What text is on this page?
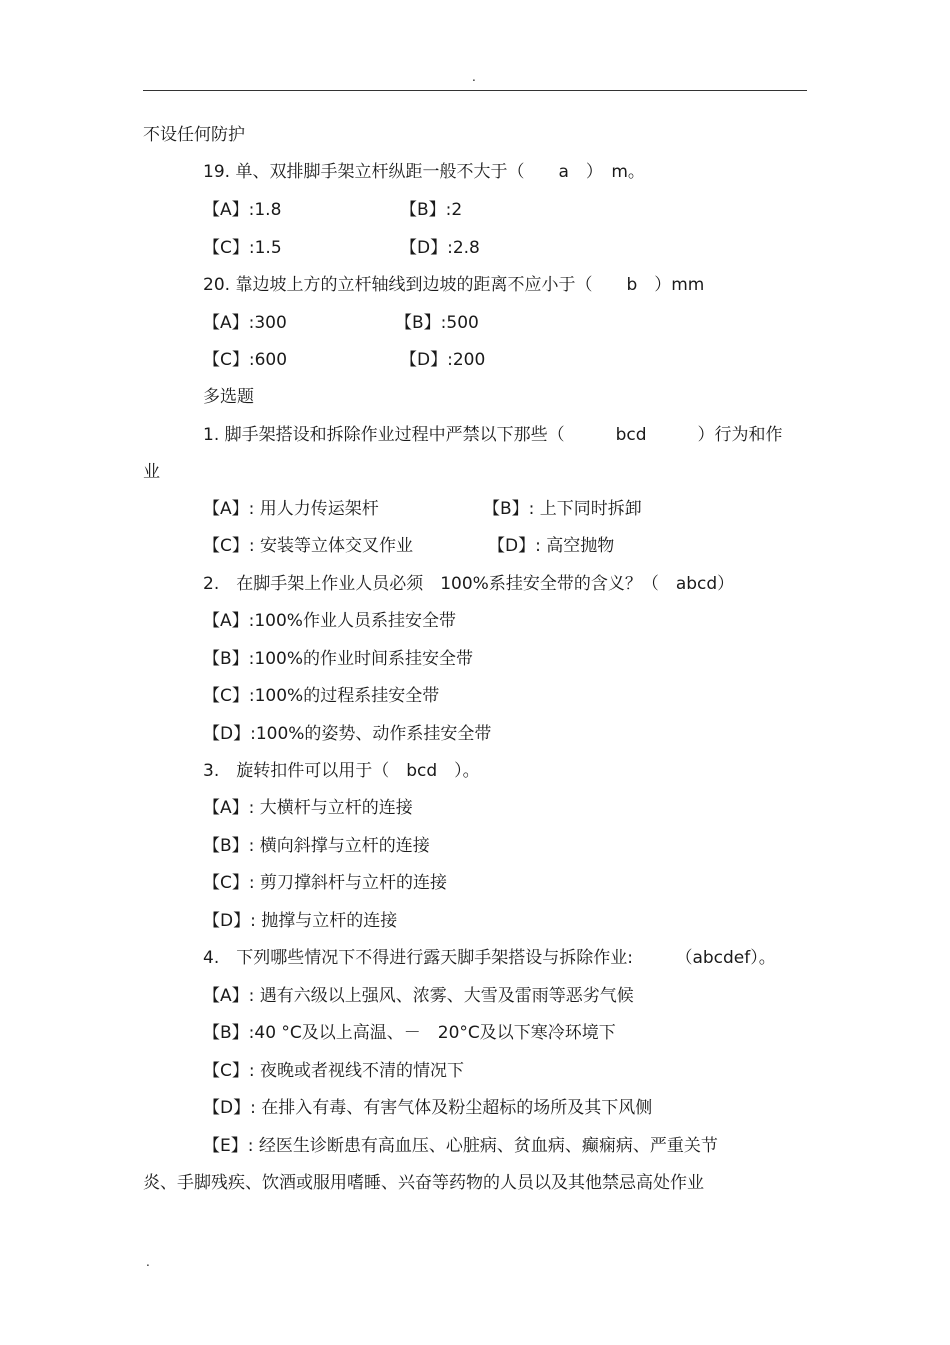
.
不设任何防护
19. 单、双排脚手架立杆纵距一般不大于（　　a　）　m。
【A】:1.8	【B】:2
【C】:1.5	【D】:2.8
20. 靠边坡上方的立杆轴线到边坡的距离不应小于（　　b　）mm
【A】:300	【B】:500
【C】:600	【D】:200
多选题
1. 脚手架搭设和拆除作业过程中严禁以下那些（　　　bcd　　　）行为和作
业
【A】: 用人力传运架杆	【B】: 上下同时拆卸
【C】: 安装等立体交叉作业	【D】: 高空抛物
2.　在脚手架上作业人员必须　100%系挂安全带的含义？（　abcd）
【A】:100%作业人员系挂安全带
【B】:100%的作业时间系挂安全带
【C】:100%的过程系挂安全带
【D】:100%的姿势、动作系挂安全带
3.　旋转扣件可以用于（　bcd　）。
【A】: 大横杆与立杆的连接
【B】: 横向斜撑与立杆的连接
【C】: 剪刀撑斜杆与立杆的连接
【D】: 抛撑与立杆的连接
4.　下列哪些情况下不得进行露天脚手架搭设与拆除作业:　　　（abcdef）。
【A】: 遇有六级以上强风、浓雾、大雪及雷雨等恶劣气候
【B】:40 °C及以上高温、－　20°C及以下寒冷环境下
【C】: 夜晚或者视线不清的情况下
【D】: 在排入有毒、有害气体及粉尘超标的场所及其下风侧
【E】: 经医生诊断患有高血压、心脏病、贫血病、癫痫病、严重关节
炎、手脚残疾、饮酒或服用嗜睡、兴奋等药物的人员以及其他禁忌高处作业
.
